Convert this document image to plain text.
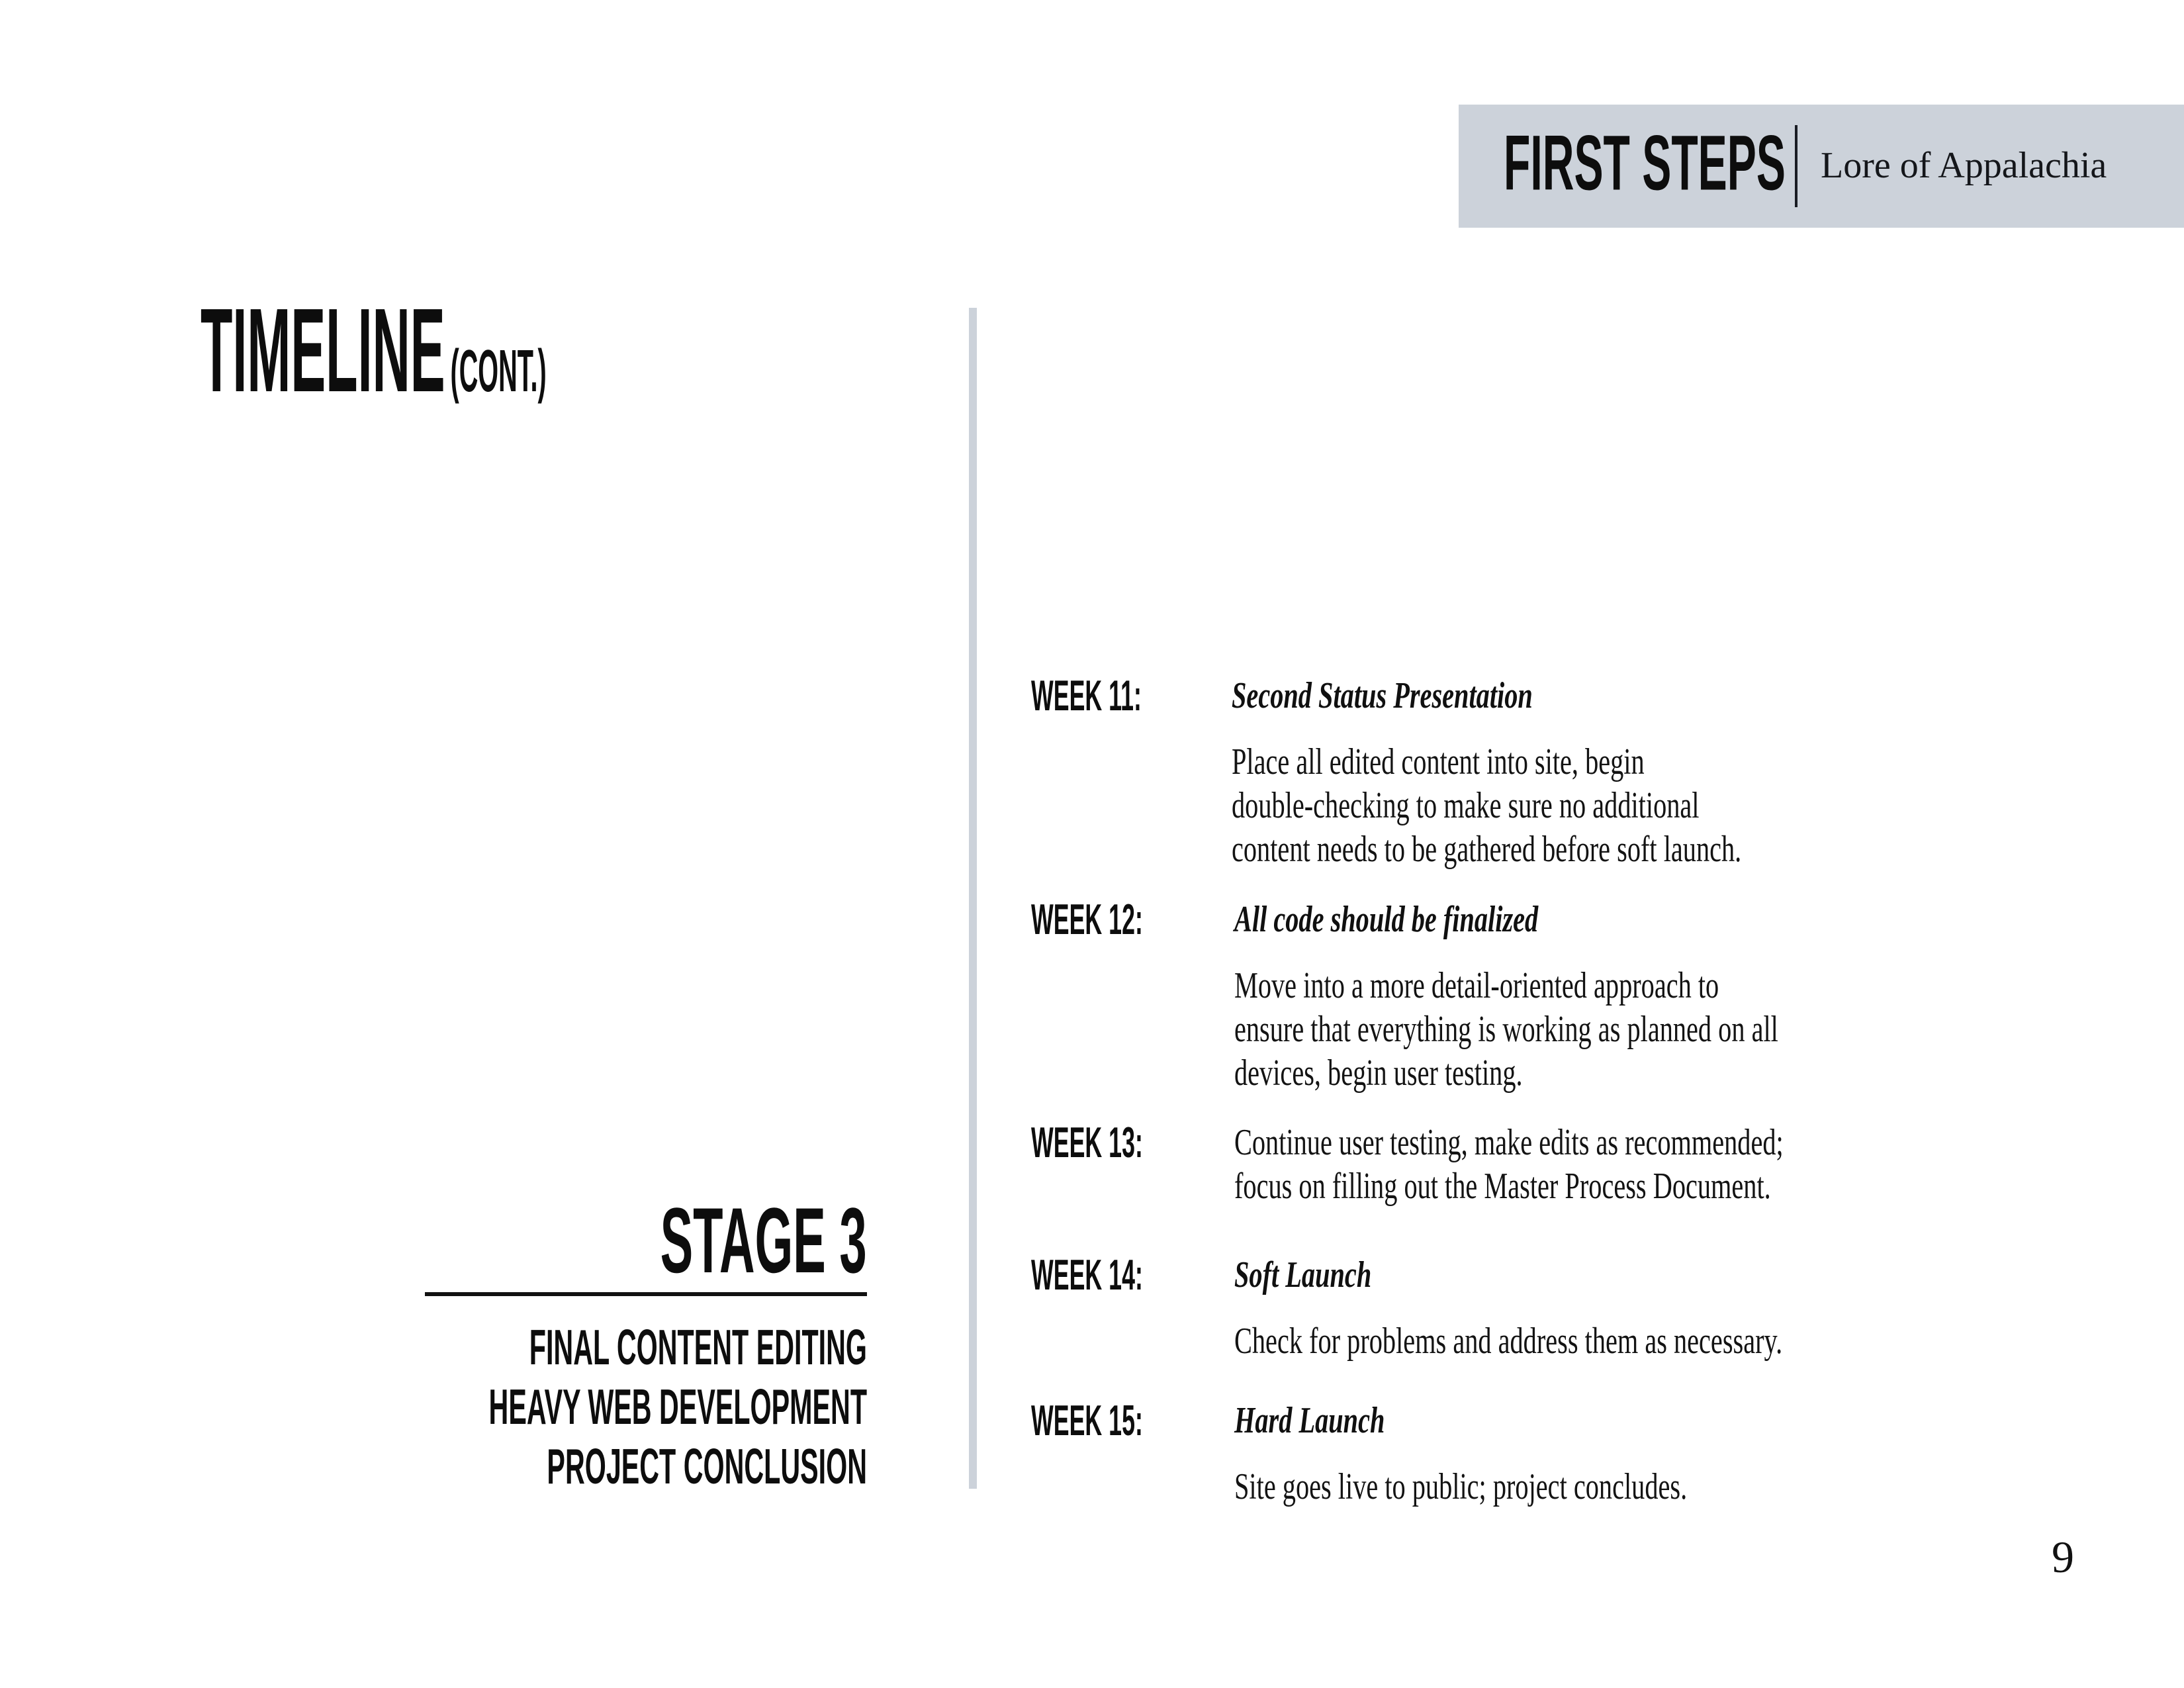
FIRST STEPS Lore of Appalachia
TIMELINE(CONT.)
WEEK 11:	Second Status Presentation
Place all edited content into site, begin
double-checking to make sure no additional
content needs to be gathered before soft launch.
WEEK 12:	All code should be finalized
Move into a more detail-oriented approach to
ensure that everything is working as planned on all
devices, begin user testing.
WEEK 13:	Continue user testing, make edits as recommended;
focus on filling out the Master Process Document.
WEEK 14:	Soft Launch
Check for problems and address them as necessary.
WEEK 15:	Hard Launch
Site goes live to public; project concludes.
STAGE 3
FINAL CONTENT EDITING
HEAVY WEB DEVELOPMENT
PROJECT CONCLUSION
9
